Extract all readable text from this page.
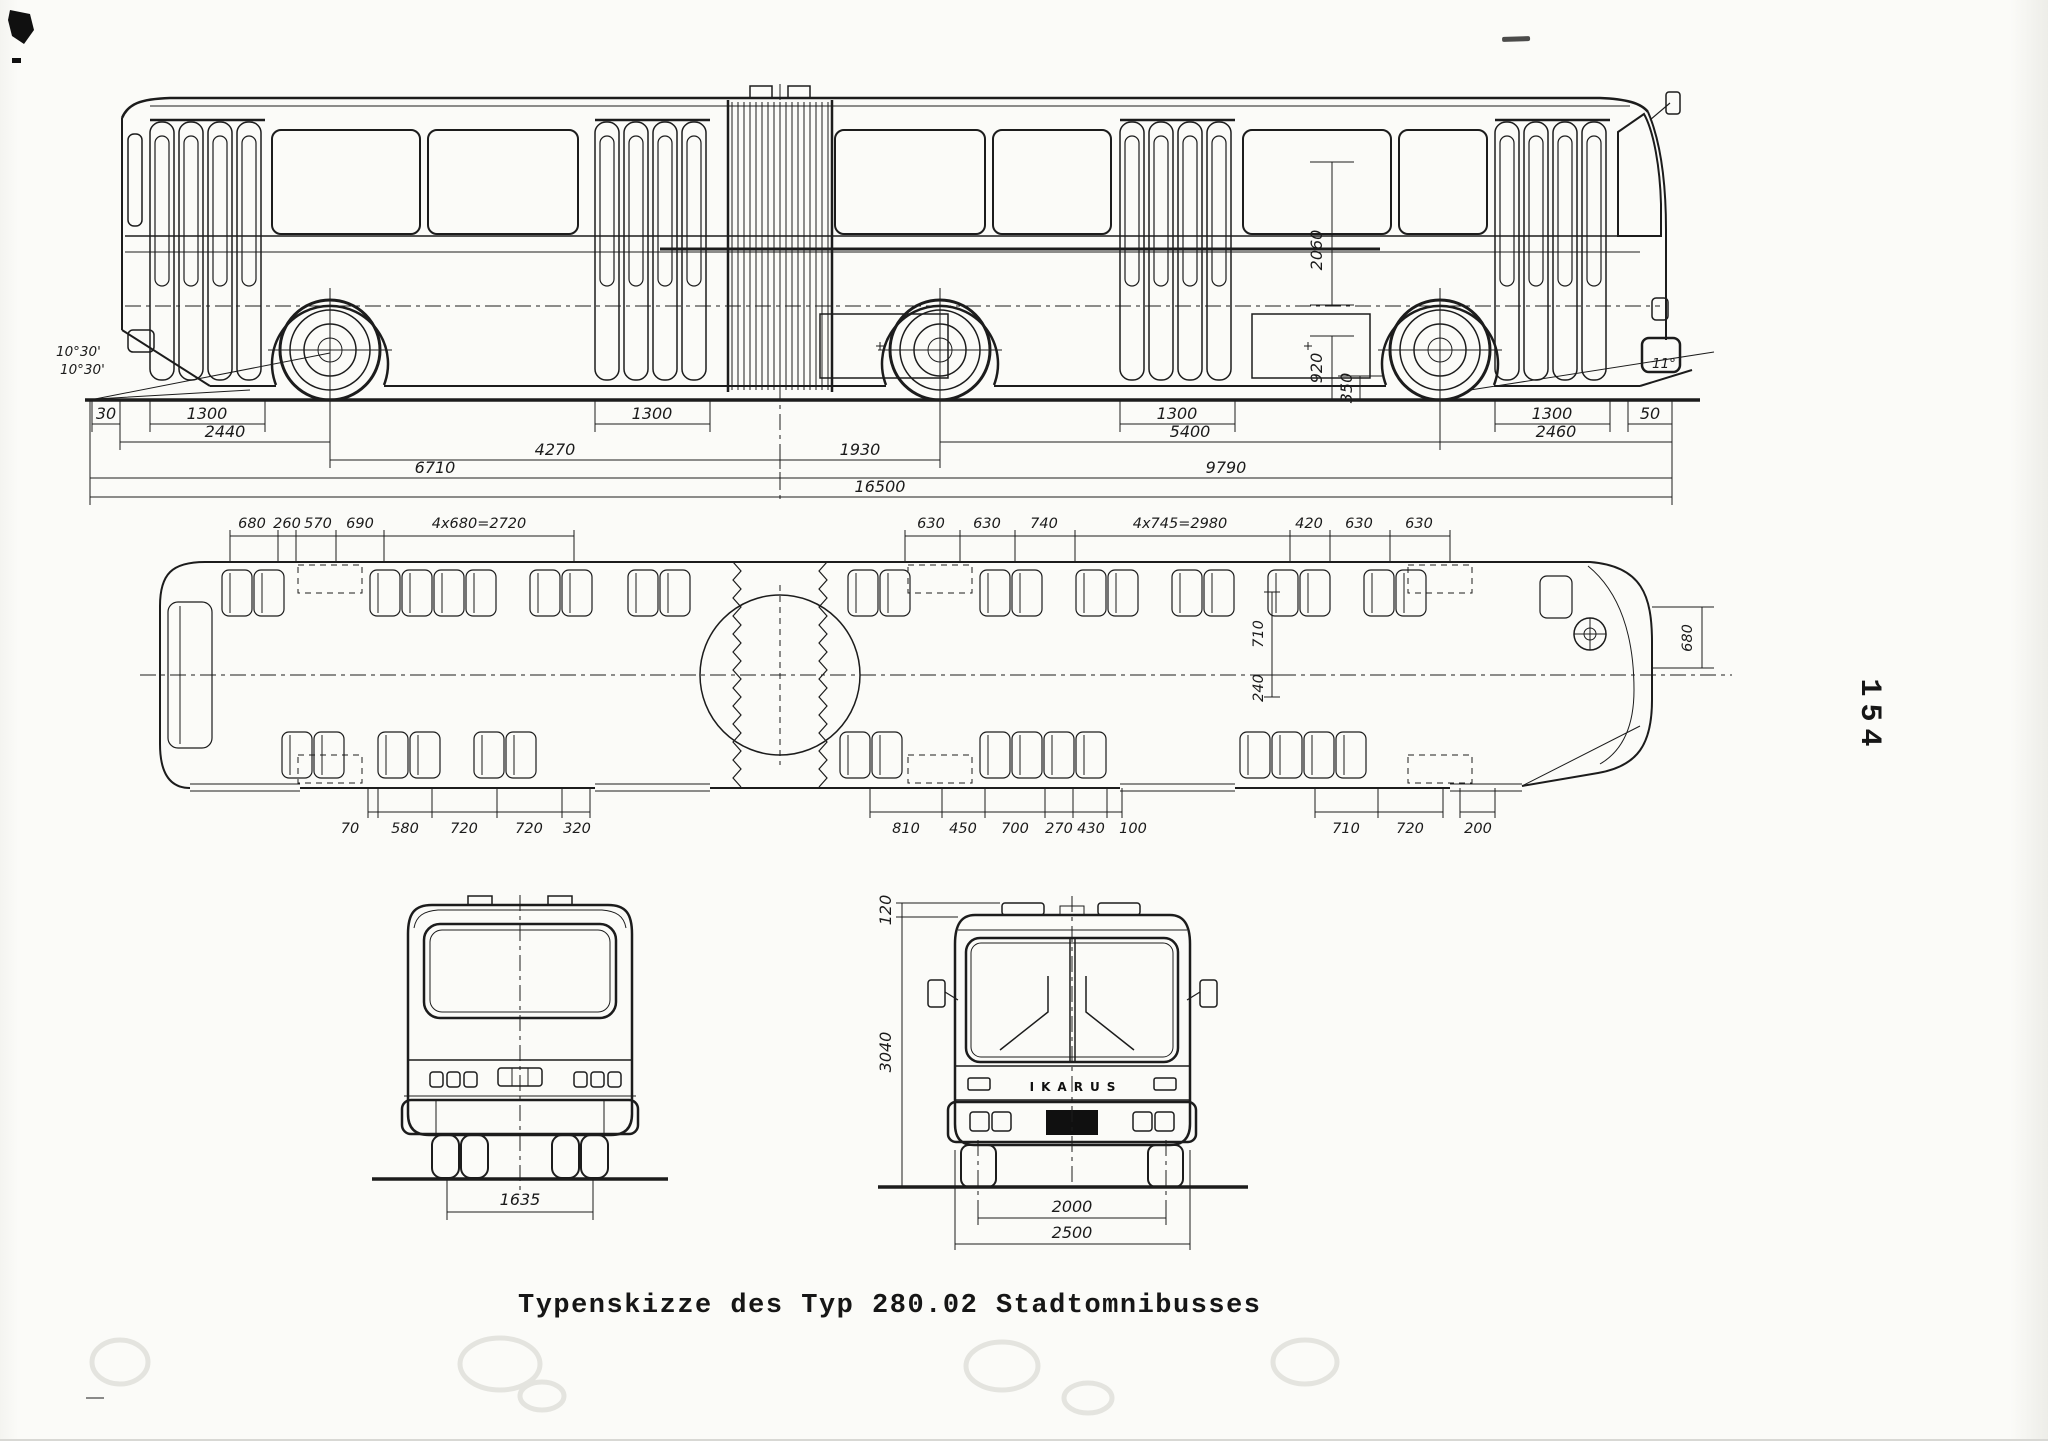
10°30'
10°30'	11°
2060
920
350
30	1300	1300	1300	1300	50
2440	5400	2460
4270	1930
6710	9790
16500
680 260 570 690	4x680=2720	630 630 740	4x745=2980	420 630 630
70 580 720	720 320	810 450 700 270 430 100	710	720	200
710
240
680
1635
IKARUS
120
3040
2000
2500
Typenskizze des Typ 280.02 Stadtomnibusses
154
